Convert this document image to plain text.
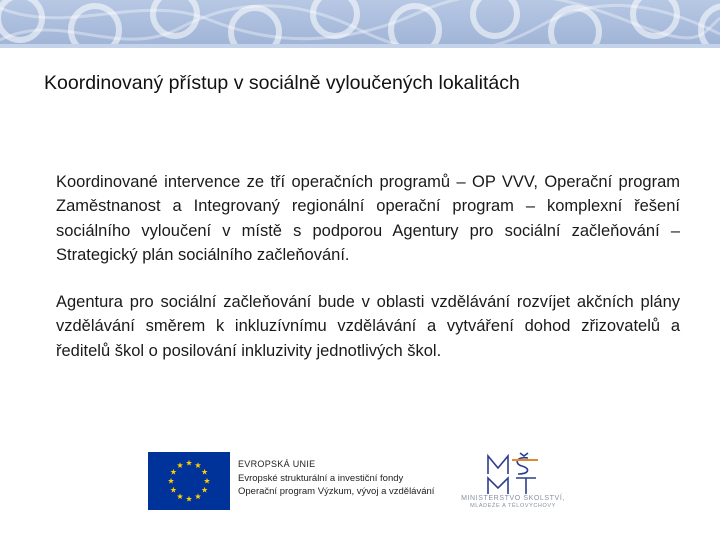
Koordinovaný přístup v sociálně vyloučených lokalitách
Koordinované intervence ze tří operačních programů – OP VVV, Operační program Zaměstnanost a Integrovaný regionální operační program – komplexní řešení sociálního vyloučení v místě s podporou Agentury pro sociální začleňování – Strategický plán sociálního začleňování.
Agentura pro sociální začleňování bude v oblasti vzdělávání rozvíjet akčních plány vzdělávání směrem k inkluzívnímu vzdělávání a vytváření dohod zřizovatelů a ředitelů škol o posilování inkluzivity jednotlivých škol.
EVROPSKÁ UNIE
Evropské strukturální a investiční fondy
Operační program Výzkum, vývoj a vzdělávání
MINISTERSTVO ŠKOLSTVÍ,
MLÁDEŽE A TĚLOVÝCHOVY
